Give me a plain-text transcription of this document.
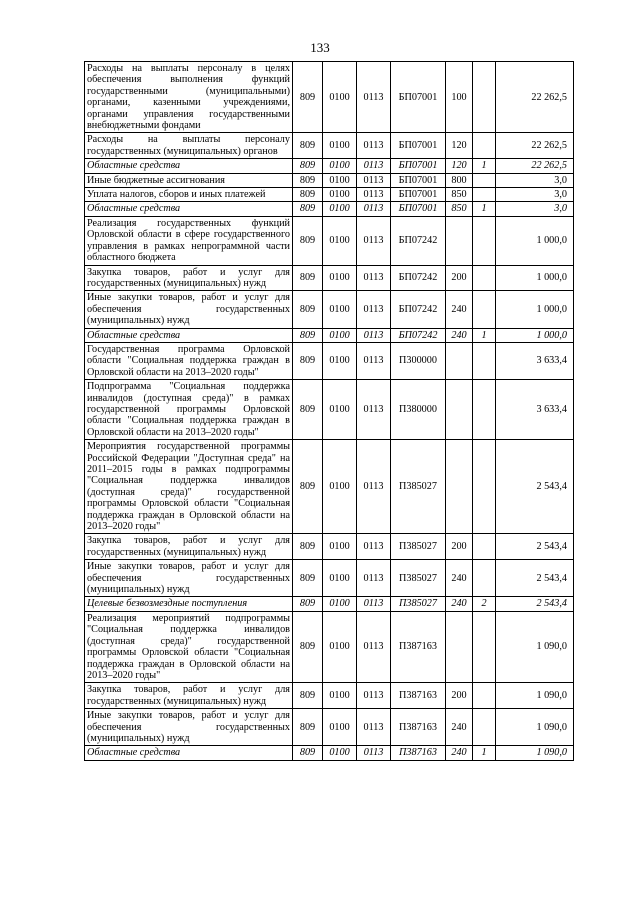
133
Расходы на выплаты персоналу в целях обеспечения выполнения функций государственными (муниципальными) органами, казенными учреждениями, органами управления государственными внебюджетными фондами	809	0100	0113	БП07001	100		22 262,5
Расходы на выплаты персоналу государственных (муниципальных) органов	809	0100	0113	БП07001	120		22 262,5
Областные средства	809	0100	0113	БП07001	120	1	22 262,5
Иные бюджетные ассигнования	809	0100	0113	БП07001	800		3,0
Уплата налогов, сборов и иных платежей	809	0100	0113	БП07001	850		3,0
Областные средства	809	0100	0113	БП07001	850	1	3,0
Реализация государственных функций Орловской области в сфере государственного управления в рамках непрограммной части областного бюджета	809	0100	0113	БП07242			1 000,0
Закупка товаров, работ и услуг для государственных (муниципальных) нужд	809	0100	0113	БП07242	200		1 000,0
Иные закупки товаров, работ и услуг для обеспечения государственных (муниципальных) нужд	809	0100	0113	БП07242	240		1 000,0
Областные средства	809	0100	0113	БП07242	240	1	1 000,0
Государственная программа Орловской области "Социальная поддержка граждан в Орловской области на 2013–2020 годы"	809	0100	0113	П300000			3 633,4
Подпрограмма "Социальная поддержка инвалидов (доступная среда)" в рамках государственной программы Орловской области "Социальная поддержка граждан в Орловской области на 2013–2020 годы"	809	0100	0113	П380000			3 633,4
Мероприятия государственной программы Российской Федерации "Доступная среда" на 2011–2015 годы в рамках подпрограммы "Социальная поддержка инвалидов (доступная среда)" государственной программы Орловской области "Социальная поддержка граждан в Орловской области на 2013–2020 годы"	809	0100	0113	П385027			2 543,4
Закупка товаров, работ и услуг для государственных (муниципальных) нужд	809	0100	0113	П385027	200		2 543,4
Иные закупки товаров, работ и услуг для обеспечения государственных (муниципальных) нужд	809	0100	0113	П385027	240		2 543,4
Целевые безвозмездные поступления	809	0100	0113	П385027	240	2	2 543,4
Реализация мероприятий подпрограммы "Социальная поддержка инвалидов (доступная среда)" государственной программы Орловской области "Социальная поддержка граждан в Орловской области на 2013–2020 годы"	809	0100	0113	П387163			1 090,0
Закупка товаров, работ и услуг для государственных (муниципальных) нужд	809	0100	0113	П387163	200		1 090,0
Иные закупки товаров, работ и услуг для обеспечения государственных (муниципальных) нужд	809	0100	0113	П387163	240		1 090,0
Областные средства	809	0100	0113	П387163	240	1	1 090,0
